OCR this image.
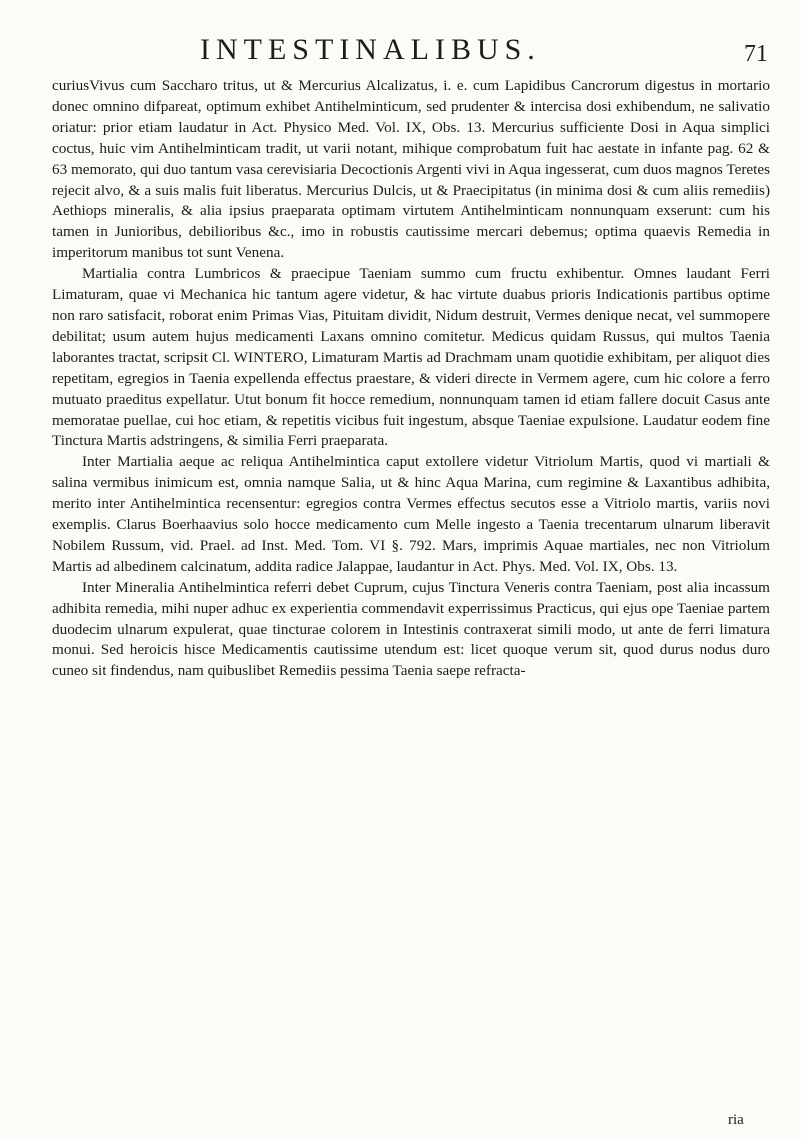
INTESTINALIBUS.	71

curiusVivus cum Saccharo tritus, ut & Mercurius Alcalizatus, i. e. cum Lapidibus Cancrorum digestus in mortario donec omnino difpareat, optimum exhibet Antihelminticum, sed prudenter & intercisa dosi exhibendum, ne salivatio oriatur: prior etiam laudatur in Act. Physico Med. Vol. IX, Obs. 13. Mercurius sufficiente Dosi in Aqua simplici coctus, huic vim Antihelminticam tradit, ut varii notant, mihique comprobatum fuit hac aestate in infante pag. 62 & 63 memorato, qui duo tantum vasa cerevisiaria Decoctionis Argenti vivi in Aqua ingesserat, cum duos magnos Teretes rejecit alvo, & a suis malis fuit liberatus. Mercurius Dulcis, ut & Praecipitatus (in minima dosi & cum aliis remediis) Aethiops mineralis, & alia ipsius praeparata optimam virtutem Antihelminticam nonnunquam exserunt: cum his tamen in Junioribus, debilioribus &c., imo in robustis cautissime mercari debemus; optima quaevis Remedia in imperitorum manibus tot sunt Venena.

Martialia contra Lumbricos & praecipue Taeniam summo cum fructu exhibentur. Omnes laudant Ferri Limaturam, quae vi Mechanica hic tantum agere videtur, & hac virtute duabus prioris Indicationis partibus optime non raro satisfacit, roborat enim Primas Vias, Pituitam dividit, Nidum destruit, Vermes denique necat, vel summopere debilitat; usum autem hujus medicamenti Laxans omnino comitetur. Medicus quidam Russus, qui multos Taenia laborantes tractat, scripsit Cl. WINTERO, Limaturam Martis ad Drachmam unam quotidie exhibitam, per aliquot dies repetitam, egregios in Taenia expellenda effectus praestare, & videri directe in Vermem agere, cum hic colore a ferro mutuato praeditus expellatur. Utut bonum fit hocce remedium, nonnunquam tamen id etiam fallere docuit Casus ante memoratae puellae, cui hoc etiam, & repetitis vicibus fuit ingestum, absque Taeniae expulsione. Laudatur eodem fine Tinctura Martis adstringens, & similia Ferri praeparata.

Inter Martialia aeque ac reliqua Antihelmintica caput extollere videtur Vitriolum Martis, quod vi martiali & salina vermibus inimicum est, omnia namque Salia, ut & hinc Aqua Marina, cum regimine & Laxantibus adhibita, merito inter Antihelmintica recensentur: egregios contra Vermes effectus secutos esse a Vitriolo martis, variis novi exemplis. Clarus Boerhaavius solo hocce medicamento cum Melle ingesto a Taenia trecentarum ulnarum liberavit Nobilem Russum, vid. Prael. ad Inst. Med. Tom. VI §. 792. Mars, imprimis Aquae martiales, nec non Vitriolum Martis ad albedinem calcinatum, addita radice Jalappae, laudantur in Act. Phys. Med. Vol. IX, Obs. 13.

Inter Mineralia Antihelmintica referri debet Cuprum, cujus Tinctura Veneris contra Taeniam, post alia incassum adhibita remedia, mihi nuper adhuc ex experientia commendavit experrissimus Practicus, qui ejus ope Taeniae partem duodecim ulnarum expulerat, quae tincturae colorem in Intestinis contraxerat simili modo, ut ante de ferri limatura monui. Sed heroicis hisce Medicamentis cautissime utendum est: licet quoque verum sit, quod durus nodus duro cuneo sit findendus, nam quibuslibet Remediis pessima Taenia saepe refracta-

ria
